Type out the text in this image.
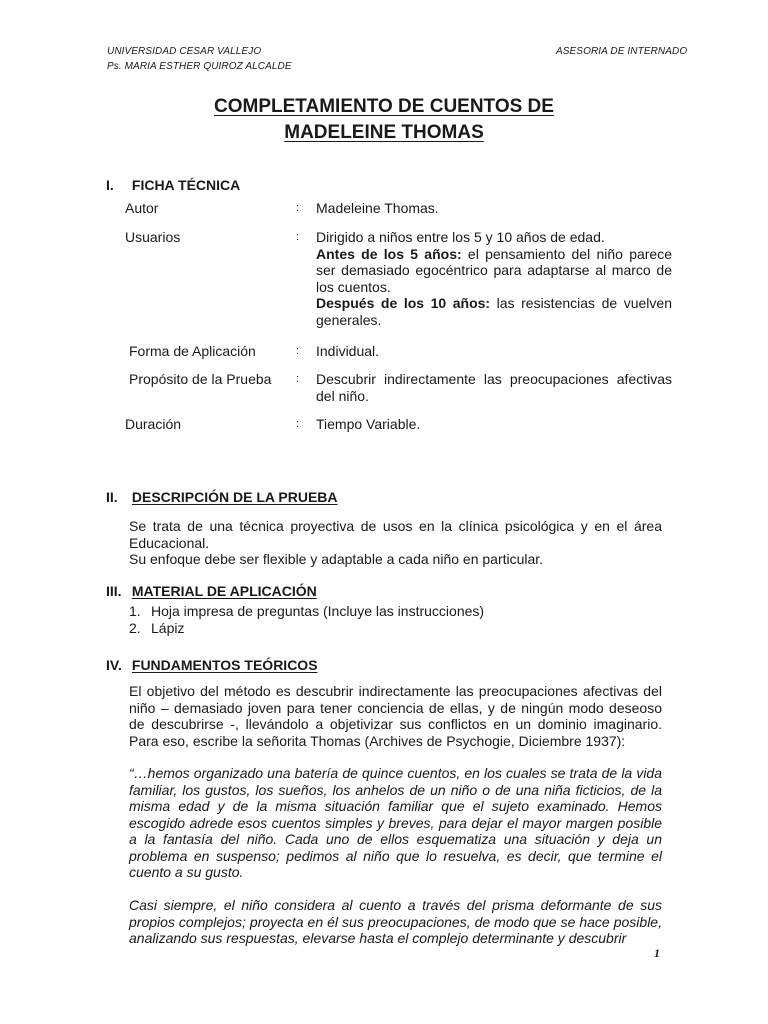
UNIVERSIDAD CESAR VALLEJO
Ps. MARIA ESTHER QUIROZ ALCALDE
ASESORIA DE INTERNADO
COMPLETAMIENTO DE CUENTOS DE
MADELEINE THOMAS
I. FICHA TÉCNICA
Autor	: Madeleine Thomas.
Usuarios	: Dirigido a niños entre los 5 y 10 años de edad.
Antes de los 5 años: el pensamiento del niño parece ser demasiado egocéntrico para adaptarse al marco de los cuentos.
Después de los 10 años: las resistencias de vuelven generales.
Forma de Aplicación	: Individual.
Propósito de la Prueba : Descubrir indirectamente las preocupaciones afectivas del niño.
Duración	: Tiempo Variable.
II. DESCRIPCIÓN DE LA PRUEBA
Se trata de una técnica proyectiva de usos en la clínica psicológica y en el área Educacional.
Su enfoque debe ser flexible y adaptable a cada niño en particular.
III. MATERIAL DE APLICACIÓN
1. Hoja impresa de preguntas (Incluye las instrucciones)
2. Lápiz
IV. FUNDAMENTOS TEÓRICOS
El objetivo del método es descubrir indirectamente las preocupaciones afectivas del niño – demasiado joven para tener conciencia de ellas, y de ningún modo deseoso de descubrirse -, llevándolo a objetivizar sus conflictos en un dominio imaginario. Para eso, escribe la señorita Thomas (Archives de Psychogie, Diciembre 1937):
“…hemos organizado una batería de quince cuentos, en los cuales se trata de la vida familiar, los gustos, los sueños, los anhelos de un niño o de una niña ficticios, de la misma edad y de la misma situación familiar que el sujeto examinado. Hemos escogido adrede esos cuentos simples y breves, para dejar el mayor margen posible a la fantasía del niño. Cada uno de ellos esquematiza una situación y deja un problema en suspenso; pedimos al niño que lo resuelva, es decir, que termine el cuento a su gusto.
Casi siempre, el niño considera al cuento a través del prisma deformante de sus propios complejos; proyecta en él sus preocupaciones, de modo que se hace posible, analizando sus respuestas, elevarse hasta el complejo determinante y descubrir
1
